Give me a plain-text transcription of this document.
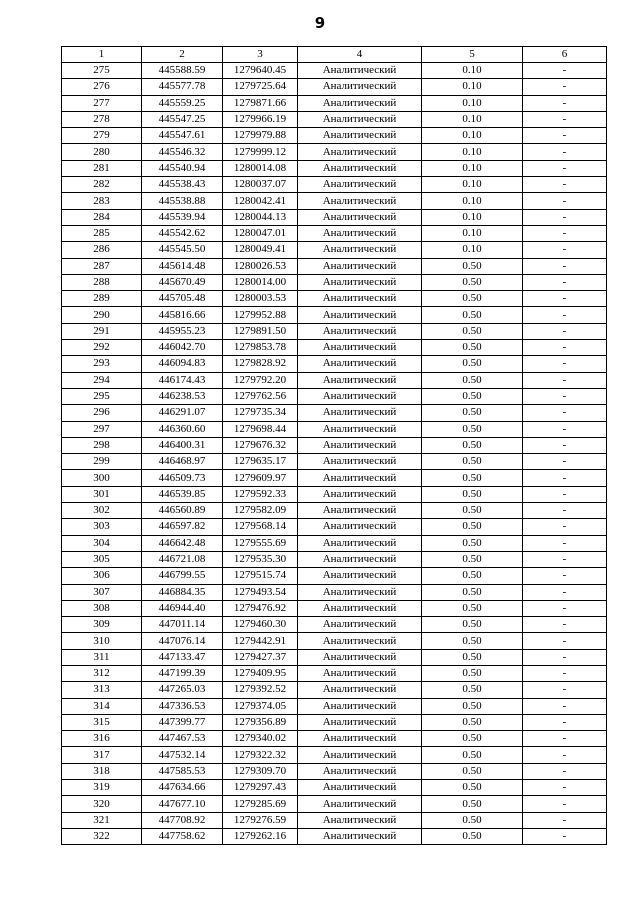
9
1	2	3	4	5	6
275	445588.59	1279640.45	Аналитический	0.10	-
276	445577.78	1279725.64	Аналитический	0.10	-
277	445559.25	1279871.66	Аналитический	0.10	-
278	445547.25	1279966.19	Аналитический	0.10	-
279	445547.61	1279979.88	Аналитический	0.10	-
280	445546.32	1279999.12	Аналитический	0.10	-
281	445540.94	1280014.08	Аналитический	0.10	-
282	445538.43	1280037.07	Аналитический	0.10	-
283	445538.88	1280042.41	Аналитический	0.10	-
284	445539.94	1280044.13	Аналитический	0.10	-
285	445542.62	1280047.01	Аналитический	0.10	-
286	445545.50	1280049.41	Аналитический	0.10	-
287	445614.48	1280026.53	Аналитический	0.50	-
288	445670.49	1280014.00	Аналитический	0.50	-
289	445705.48	1280003.53	Аналитический	0.50	-
290	445816.66	1279952.88	Аналитический	0.50	-
291	445955.23	1279891.50	Аналитический	0.50	-
292	446042.70	1279853.78	Аналитический	0.50	-
293	446094.83	1279828.92	Аналитический	0.50	-
294	446174.43	1279792.20	Аналитический	0.50	-
295	446238.53	1279762.56	Аналитический	0.50	-
296	446291.07	1279735.34	Аналитический	0.50	-
297	446360.60	1279698.44	Аналитический	0.50	-
298	446400.31	1279676.32	Аналитический	0.50	-
299	446468.97	1279635.17	Аналитический	0.50	-
300	446509.73	1279609.97	Аналитический	0.50	-
301	446539.85	1279592.33	Аналитический	0.50	-
302	446560.89	1279582.09	Аналитический	0.50	-
303	446597.82	1279568.14	Аналитический	0.50	-
304	446642.48	1279555.69	Аналитический	0.50	-
305	446721.08	1279535.30	Аналитический	0.50	-
306	446799.55	1279515.74	Аналитический	0.50	-
307	446884.35	1279493.54	Аналитический	0.50	-
308	446944.40	1279476.92	Аналитический	0.50	-
309	447011.14	1279460.30	Аналитический	0.50	-
310	447076.14	1279442.91	Аналитический	0.50	-
311	447133.47	1279427.37	Аналитический	0.50	-
312	447199.39	1279409.95	Аналитический	0.50	-
313	447265.03	1279392.52	Аналитический	0.50	-
314	447336.53	1279374.05	Аналитический	0.50	-
315	447399.77	1279356.89	Аналитический	0.50	-
316	447467.53	1279340.02	Аналитический	0.50	-
317	447532.14	1279322.32	Аналитический	0.50	-
318	447585.53	1279309.70	Аналитический	0.50	-
319	447634.66	1279297.43	Аналитический	0.50	-
320	447677.10	1279285.69	Аналитический	0.50	-
321	447708.92	1279276.59	Аналитический	0.50	-
322	447758.62	1279262.16	Аналитический	0.50	-
